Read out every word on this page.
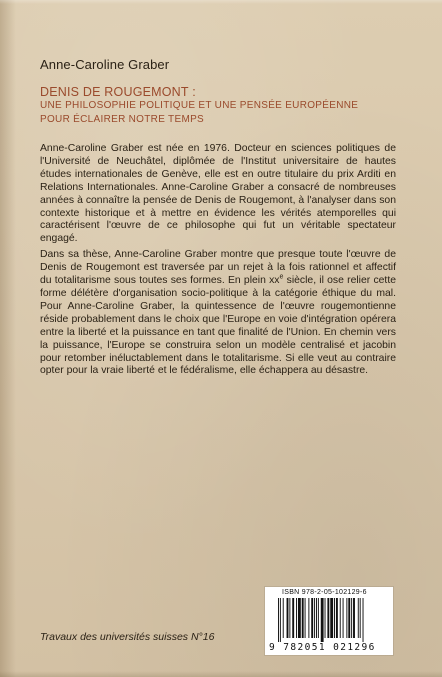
Anne-Caroline Graber
DENIS DE ROUGEMONT :
UNE PHILOSOPHIE POLITIQUE ET UNE PENSÉE EUROPÉENNE
POUR ÉCLAIRER NOTRE TEMPS

Anne-Caroline Graber est née en 1976. Docteur en sciences politiques de l'Université de Neuchâtel, diplômée de l'Institut universitaire de hautes études internationales de Genève, elle est en outre titulaire du prix Arditi en Relations Internationales. Anne-Caroline Graber a consacré de nombreuses années à connaître la pensée de Denis de Rougemont, à l'analyser dans son contexte historique et à mettre en évidence les vérités atemporelles qui caractérisent l'œuvre de ce philosophe qui fut un véritable spectateur engagé.

Dans sa thèse, Anne-Caroline Graber montre que presque toute l'œuvre de Denis de Rougemont est traversée par un rejet à la fois rationnel et affectif du totalitarisme sous toutes ses formes. En plein $xx^e$ siècle, il ose relier cette forme délétère d'organisation socio-politique à la catégorie éthique du mal. Pour Anne-Caroline Graber, la quintessence de l'œuvre rougemontienne réside probablement dans le choix que l'Europe en voie d'intégration opérera entre la liberté et la puissance en tant que finalité de l'Union. En chemin vers la puissance, l'Europe se construira selon un modèle centralisé et jacobin pour retomber inéluctablement dans le totalitarisme. Si elle veut au contraire opter pour la vraie liberté et le fédéralisme, elle échappera au désastre.

Travaux des universités suisses N°16
ISBN 978-2-05-102129-6
9 782051 021296
